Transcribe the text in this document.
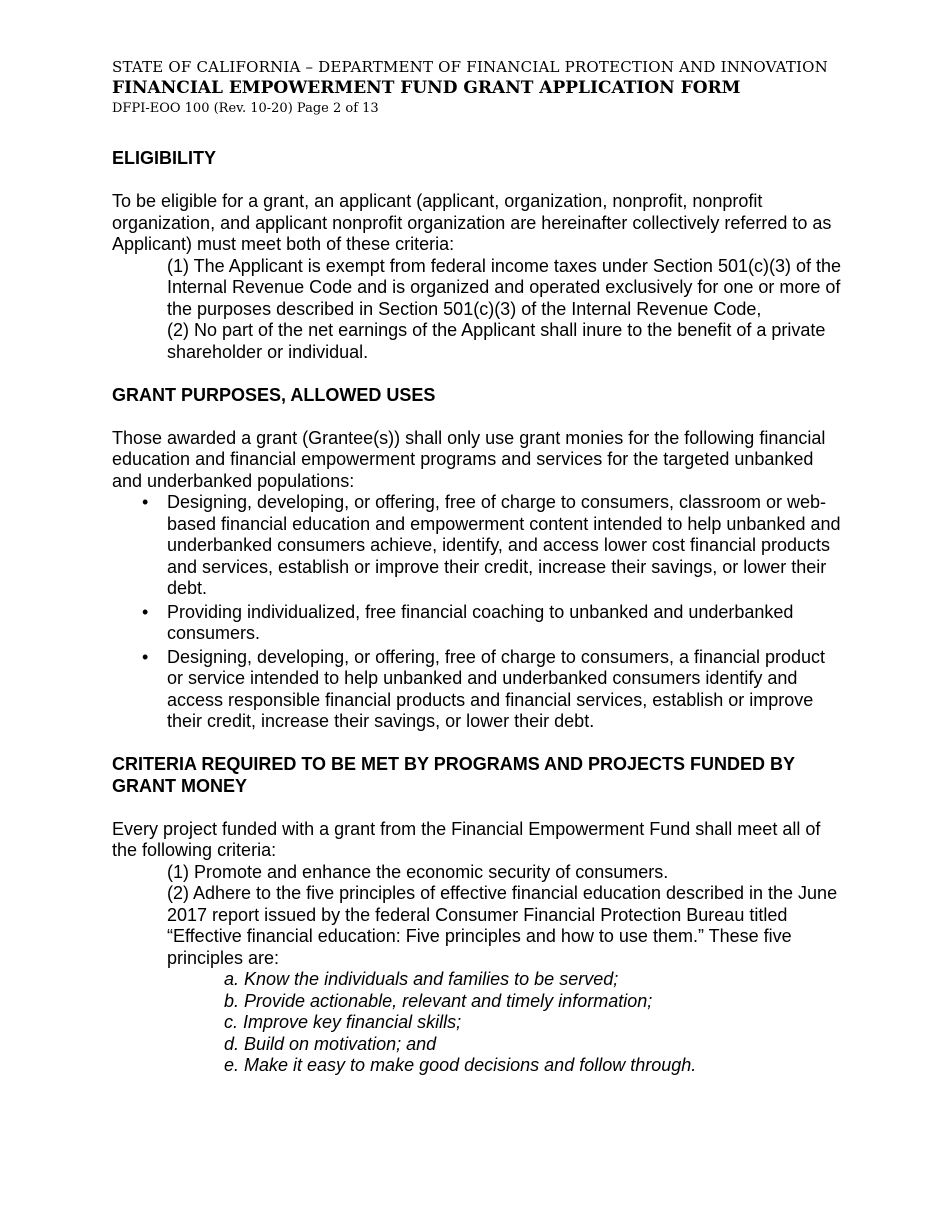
STATE OF CALIFORNIA – DEPARTMENT OF FINANCIAL PROTECTION AND INNOVATION
FINANCIAL EMPOWERMENT FUND GRANT APPLICATION FORM
DFPI-EOO 100 (Rev. 10-20) Page 2 of 13

ELIGIBILITY

To be eligible for a grant, an applicant (applicant, organization, nonprofit, nonprofit organization, and applicant nonprofit organization are hereinafter collectively referred to as Applicant) must meet both of these criteria:

(1) The Applicant is exempt from federal income taxes under Section 501(c)(3) of the Internal Revenue Code and is organized and operated exclusively for one or more of the purposes described in Section 501(c)(3) of the Internal Revenue Code,

(2) No part of the net earnings of the Applicant shall inure to the benefit of a private shareholder or individual.

GRANT PURPOSES, ALLOWED USES

Those awarded a grant (Grantee(s)) shall only use grant monies for the following financial education and financial empowerment programs and services for the targeted unbanked and underbanked populations:

• Designing, developing, or offering, free of charge to consumers, classroom or web-based financial education and empowerment content intended to help unbanked and underbanked consumers achieve, identify, and access lower cost financial products and services, establish or improve their credit, increase their savings, or lower their debt.
• Providing individualized, free financial coaching to unbanked and underbanked consumers.
• Designing, developing, or offering, free of charge to consumers, a financial product or service intended to help unbanked and underbanked consumers identify and access responsible financial products and financial services, establish or improve their credit, increase their savings, or lower their debt.

CRITERIA REQUIRED TO BE MET BY PROGRAMS AND PROJECTS FUNDED BY GRANT MONEY

Every project funded with a grant from the Financial Empowerment Fund shall meet all of the following criteria:

(1) Promote and enhance the economic security of consumers.

(2) Adhere to the five principles of effective financial education described in the June 2017 report issued by the federal Consumer Financial Protection Bureau titled “Effective financial education: Five principles and how to use them.” These five principles are:

a. Know the individuals and families to be served;

b. Provide actionable, relevant and timely information;

c. Improve key financial skills;

d. Build on motivation; and

e. Make it easy to make good decisions and follow through.
